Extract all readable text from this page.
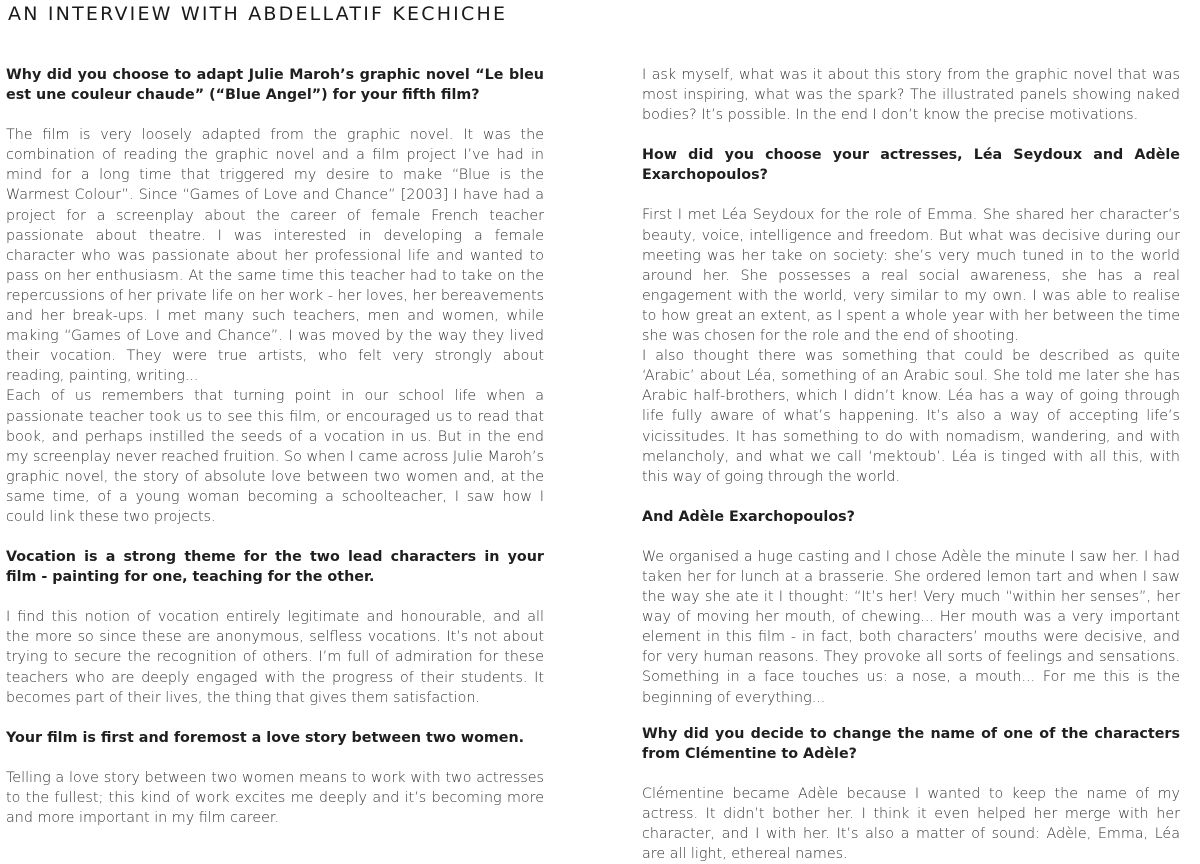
AN INTERVIEW WITH ABDELLATIF KECHICHE

Why did you choose to adapt Julie Maroh’s graphic novel “Le bleu est une couleur chaude” (“Blue Angel”) for your fifth film?

The film is very loosely adapted from the graphic novel. It was the combination of reading the graphic novel and a film project I’ve had in mind for a long time that triggered my desire to make “Blue is the Warmest Colour”. Since “Games of Love and Chance” [2003] I have had a project for a screenplay about the career of female French teacher passionate about theatre. I was interested in developing a female character who was passionate about her professional life and wanted to pass on her enthusiasm. At the same time this teacher had to take on the repercussions of her private life on her work - her loves, her bereavements and her break-ups. I met many such teachers, men and women, while making “Games of Love and Chance”. I was moved by the way they lived their vocation. They were true artists, who felt very strongly about reading, painting, writing...

Each of us remembers that turning point in our school life when a passionate teacher took us to see this film, or encouraged us to read that book, and perhaps instilled the seeds of a vocation in us. But in the end my screenplay never reached fruition. So when I came across Julie Maroh’s graphic novel, the story of absolute love between two women and, at the same time, of a young woman becoming a schoolteacher, I saw how I could link these two projects.

Vocation is a strong theme for the two lead characters in your film - painting for one, teaching for the other.

I find this notion of vocation entirely legitimate and honourable, and all the more so since these are anonymous, selfless vocations. It’s not about trying to secure the recognition of others. I’m full of admiration for these teachers who are deeply engaged with the progress of their students. It becomes part of their lives, the thing that gives them satisfaction.

Your film is first and foremost a love story between two women.

Telling a love story between two women means to work with two actresses to the fullest; this kind of work excites me deeply and it’s becoming more and more important in my film career.

I ask myself, what was it about this story from the graphic novel that was most inspiring, what was the spark? The illustrated panels showing naked bodies? It’s possible. In the end I don’t know the precise motivations.

How did you choose your actresses, Léa Seydoux and Adèle Exarchopoulos?

First I met Léa Seydoux for the role of Emma. She shared her character’s beauty, voice, intelligence and freedom. But what was decisive during our meeting was her take on society: she’s very much tuned in to the world around her. She possesses a real social awareness, she has a real engagement with the world, very similar to my own. I was able to realise to how great an extent, as I spent a whole year with her between the time she was chosen for the role and the end of shooting.

I also thought there was something that could be described as quite ‘Arabic’ about Léa, something of an Arabic soul. She told me later she has Arabic half-brothers, which I didn’t know. Léa has a way of going through life fully aware of what’s happening. It’s also a way of accepting life’s vicissitudes. It has something to do with nomadism, wandering, and with melancholy, and what we call ‘mektoub’. Léa is tinged with all this, with this way of going through the world.

And Adèle Exarchopoulos?

We organised a huge casting and I chose Adèle the minute I saw her. I had taken her for lunch at a brasserie. She ordered lemon tart and when I saw the way she ate it I thought: “It’s her! Very much “within her senses”, her way of moving her mouth, of chewing... Her mouth was a very important element in this film - in fact, both characters’ mouths were decisive, and for very human reasons. They provoke all sorts of feelings and sensations. Something in a face touches us: a nose, a mouth... For me this is the beginning of everything...

Why did you decide to change the name of one of the characters from Clémentine to Adèle?

Clémentine became Adèle because I wanted to keep the name of my actress. It didn’t bother her. I think it even helped her merge with her character, and I with her. It’s also a matter of sound: Adèle, Emma, Léa are all light, ethereal names.
